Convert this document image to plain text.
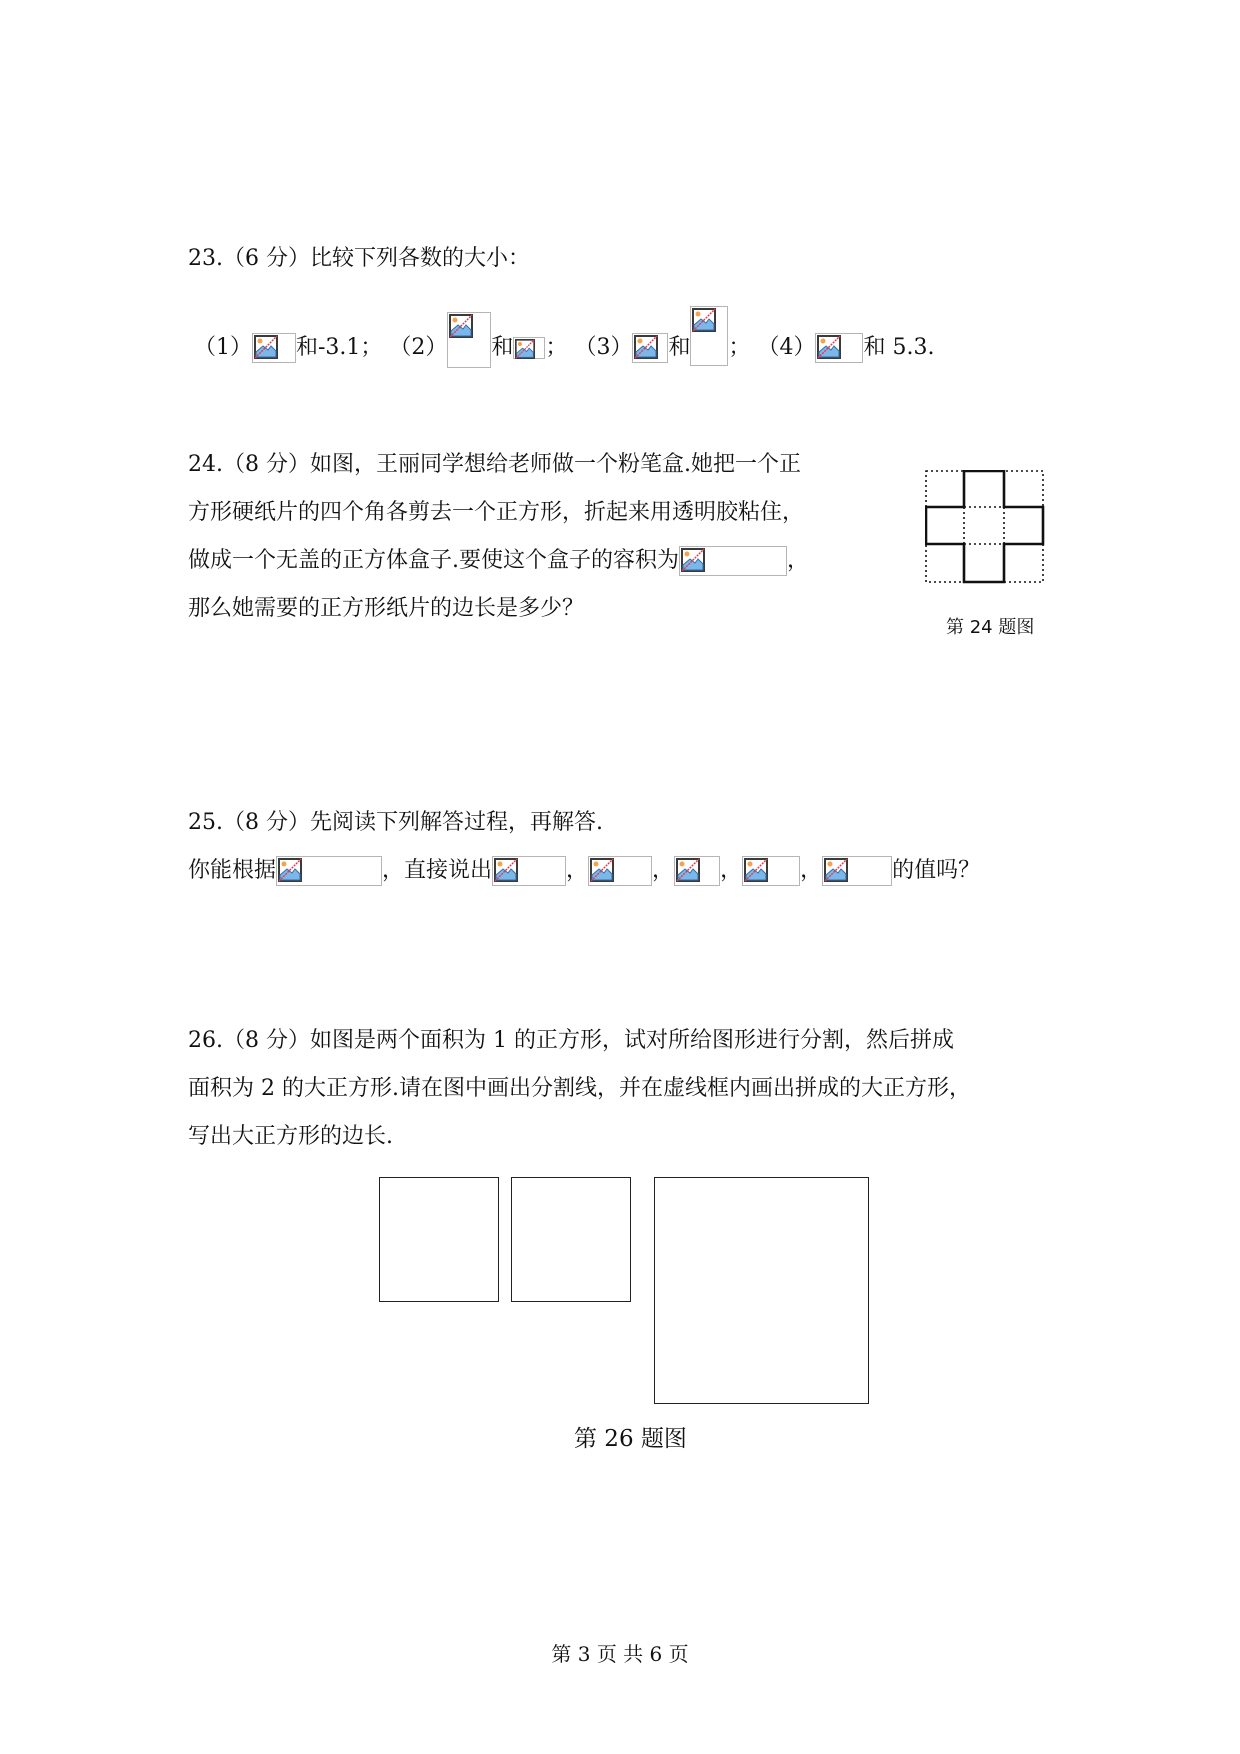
23.（6 分）比较下列各数的大小：
（1） 和-3.1； （2） 和 ； （3） 和 ； （4） 和 5.3.
24.（8 分）如图，王丽同学想给老师做一个粉笔盒.她把一个正
方形硬纸片的四个角各剪去一个正方形，折起来用透明胶粘住，
做成一个无盖的正方体盒子.要使这个盒子的容积为	，
那么她需要的正方形纸片的边长是多少？
第 24 题图
25.（8 分）先阅读下列解答过程，再解答.
你能根据	，直接说出	，	， ，	，	的值吗？
26.（8 分）如图是两个面积为 1 的正方形，试对所给图形进行分割，然后拼成
面积为 2 的大正方形.请在图中画出分割线，并在虚线框内画出拼成的大正方形，
写出大正方形的边长.
第 26 题图
第 3 页 共 6 页
